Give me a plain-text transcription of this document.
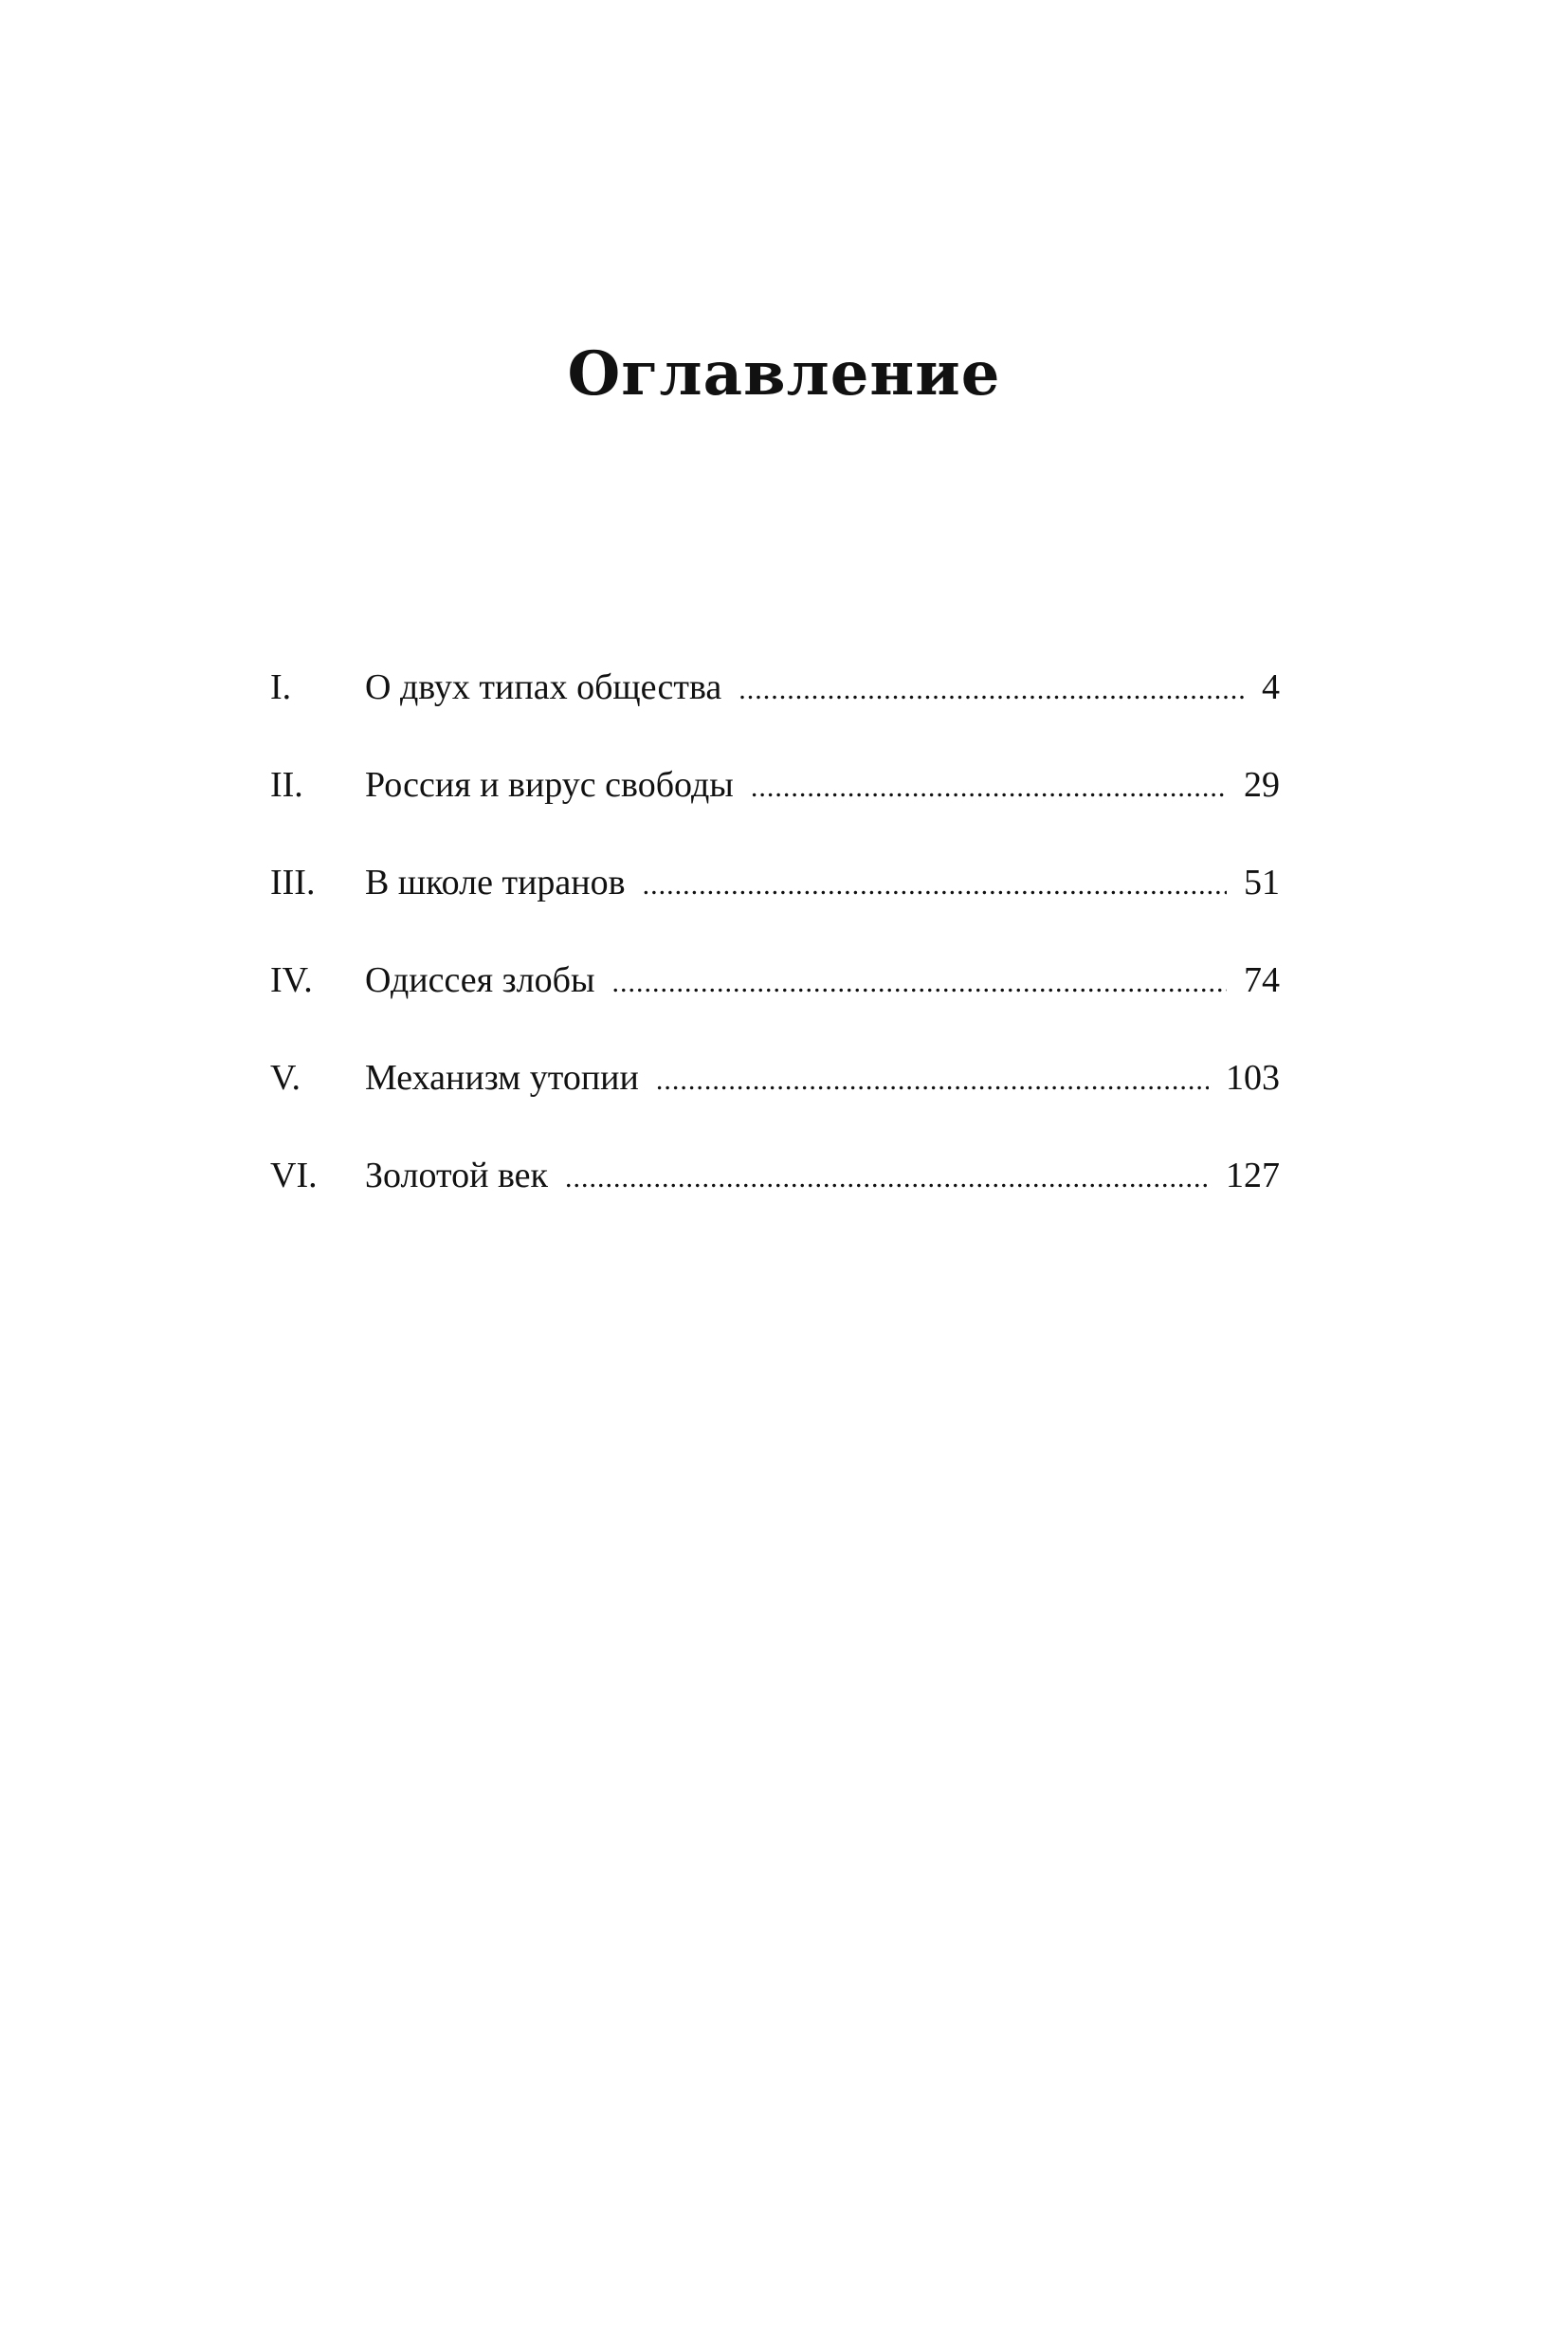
Оглавление
I.	О двух типах общества .....	4
II.	Россия и вирус свободы .....	29
III.	В школе тиранов .....	51
IV.	Одиссея злобы .....	74
V.	Механизм утопии .....	103
VI.	Золотой век .....	127
